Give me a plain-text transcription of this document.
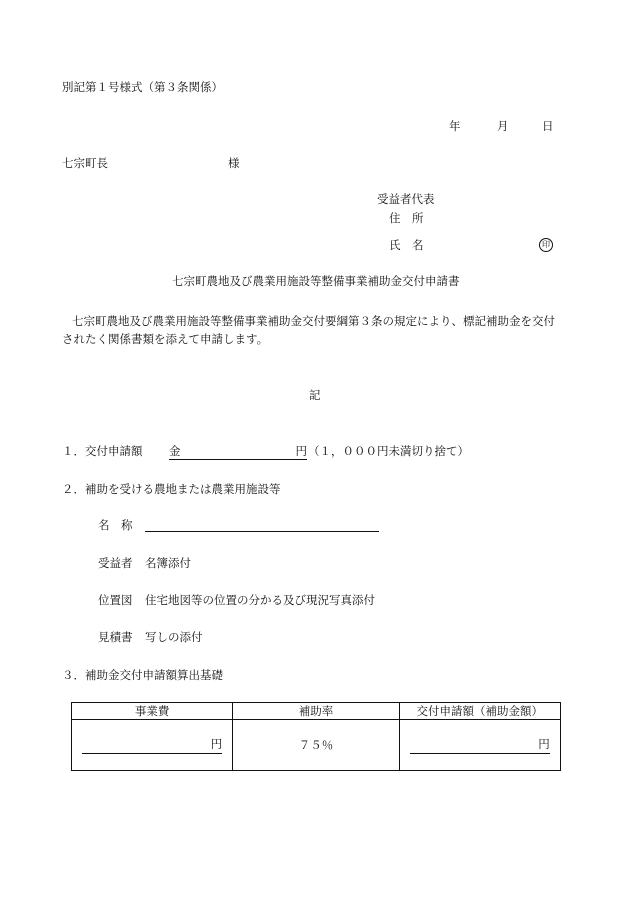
別記第１号様式（第３条関係）
年	月	日
七宗町長	様
受益者代表
住　所
氏　名	印
七宗町農地及び農業用施設等整備事業補助金交付申請書
七宗町農地及び農業用施設等整備事業補助金交付要綱第３条の規定により、標記補助金を交付
されたく関係書類を添えて申請します。
記
１．交付申請額 金	円 （１，０００円未満切り捨て）
２．補助を受ける農地または農業用施設等
名　称
受益者 名簿添付
位置図 住宅地図等の位置の分かる及び現況写真添付
見積書 写しの添付
３．補助金交付申請額算出基礎
事業費	補助率	交付申請額（補助金額）
円	７５％	円
